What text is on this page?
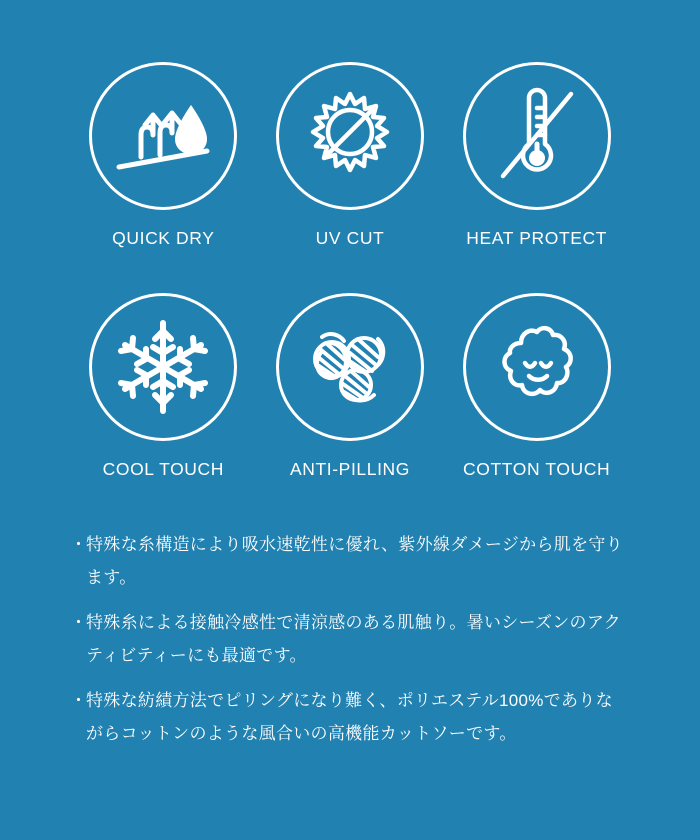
QUICK DRY	UV CUT	HEAT PROTECT
COOL TOUCH	ANTI-PILLING	COTTON TOUCH
・ 特殊な糸構造により吸水速乾性に優れ、紫外線ダメージから肌を守ります。
・ 特殊糸による接触冷感性で清涼感のある肌触り。暑いシーズンのアクティビティーにも最適です。
・ 特殊な紡績方法でピリングになり難く、ポリエステル100%でありながらコットンのような風合いの高機能カットソーです。
